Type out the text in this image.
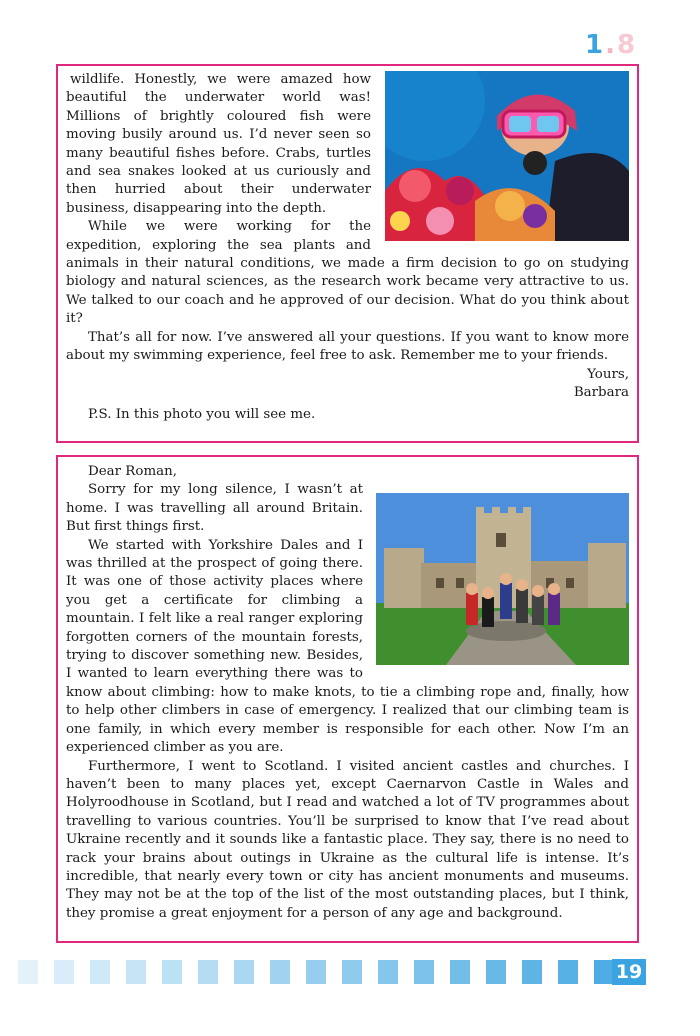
1.8

wildlife. Honestly, we were amazed how beautiful the underwater world was! Millions of brightly coloured fish were moving busily around us. I’d never seen so many beautiful fishes before. Crabs, turtles and sea snakes looked at us curiously and then hurried about their underwater business, disappearing into the depth.

While we were working for the expedition, exploring the sea plants and animals in their natural conditions, we made a firm decision to go on studying biology and natural sciences, as the research work became very attractive to us. We talked to our coach and he approved of our decision. What do you think about it?

That’s all for now. I’ve answered all your questions. If you want to know more about my swimming experience, feel free to ask. Remember me to your friends.

Yours,

Barbara

P.S. In this photo you will see me.

Dear Roman,

Sorry for my long silence, I wasn’t at home. I was travelling all around Britain. But first things first.

We started with Yorkshire Dales and I was thrilled at the prospect of going there. It was one of those activity places where you get a certificate for climbing a mountain. I felt like a real ranger exploring forgotten corners of the mountain forests, trying to discover something new. Besides, I wanted to learn everything there was to know about climbing: how to make knots, to tie a climbing rope and, finally, how to help other climbers in case of emergency. I realized that our climbing team is one family, in which every member is responsible for each other. Now I’m an experienced climber as you are.

Furthermore, I went to Scotland. I visited ancient castles and churches. I haven’t been to many places yet, except Caernarvon Castle in Wales and Holyroodhouse in Scotland, but I read and watched a lot of TV programmes about travelling to various countries. You’ll be surprised to know that I’ve read about Ukraine recently and it sounds like a fantastic place. They say, there is no need to rack your brains about outings in Ukraine as the cultural life is intense. It’s incredible, that nearly every town or city has ancient monuments and museums. They may not be at the top of the list of the most outstanding places, but I think, they promise a great enjoyment for a person of any age and background.

19
